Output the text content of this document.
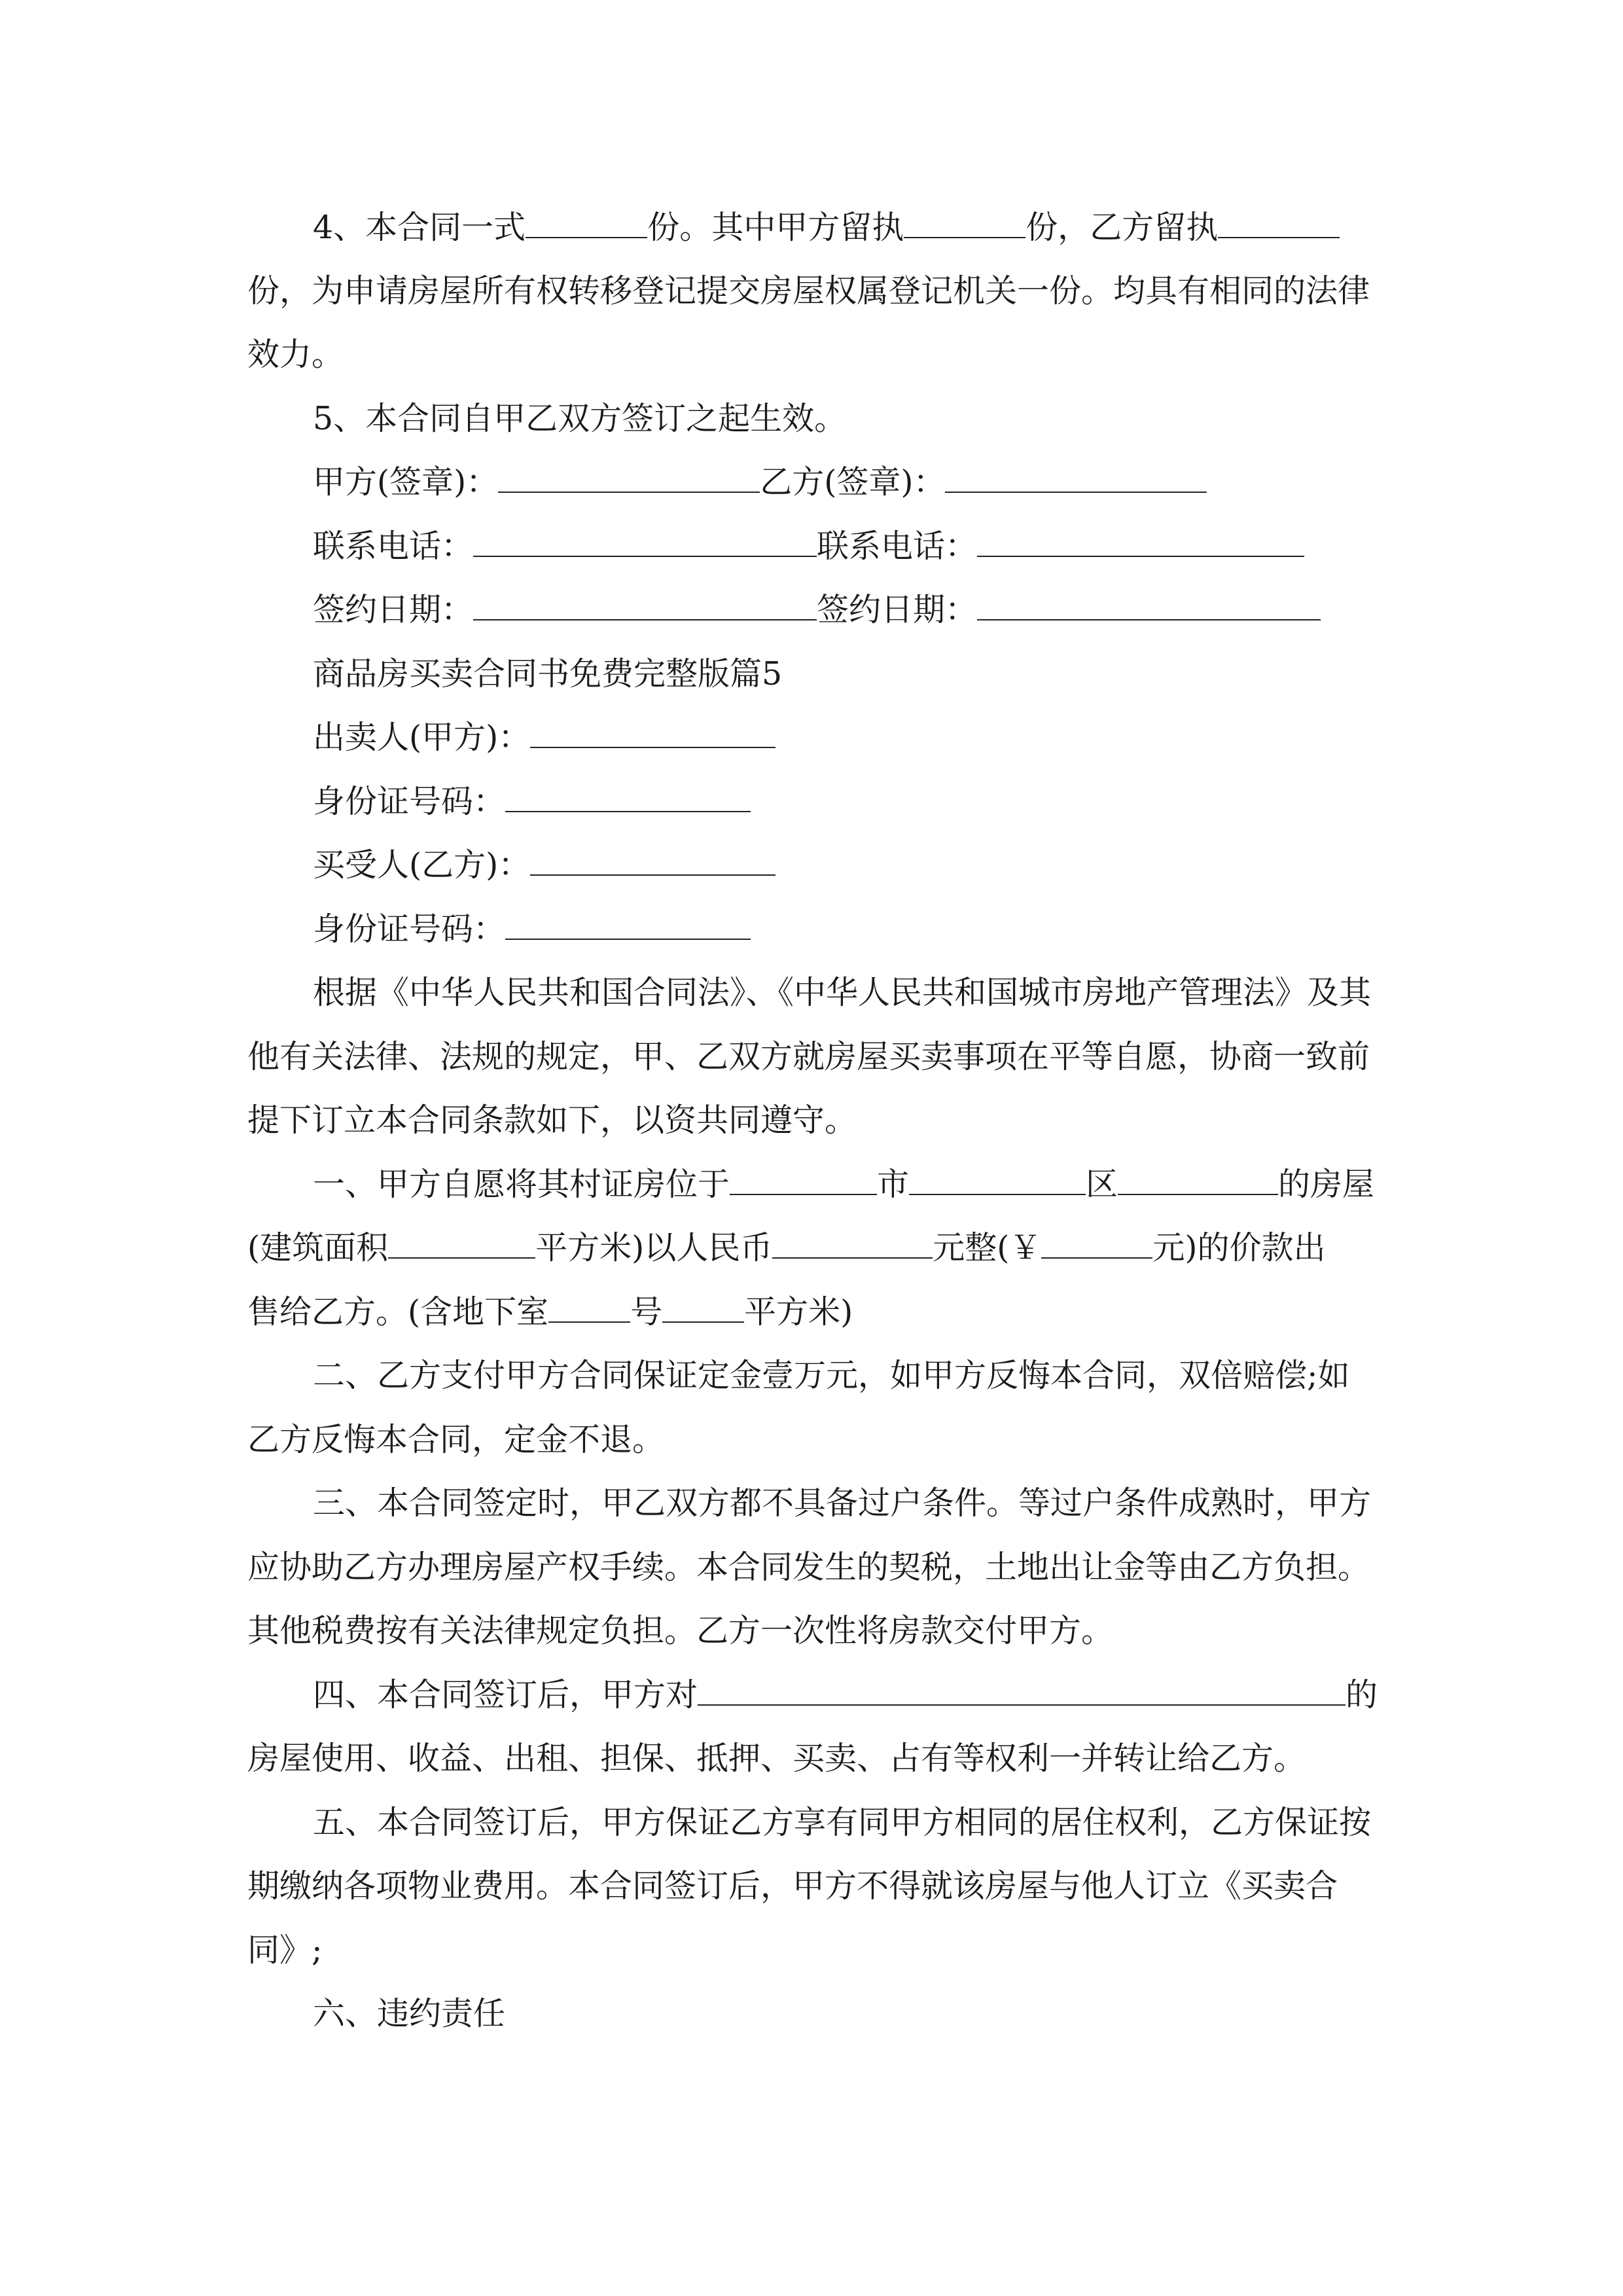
4、本合同一式	份。其中甲方留执	份，乙方留执
份，为申请房屋所有权转移登记提交房屋权属登记机关一份。均具有相同的法律
效力。
5、本合同自甲乙双方签订之起生效。
甲方(签章)：	乙方(签章)：
联系电话：	联系电话：
签约日期：	签约日期：
商品房买卖合同书免费完整版篇5
出卖人(甲方)：
身份证号码：
买受人(乙方)：
身份证号码：
根据《中华人民共和国合同法》、《中华人民共和国城市房地产管理法》及其
他有关法律、法规的规定，甲、乙双方就房屋买卖事项在平等自愿，协商一致前
提下订立本合同条款如下，以资共同遵守。
一、甲方自愿将其村证房位于	市	区	的房屋
(建筑面积	平方米)以人民币	元整(￥	元)的价款出
售给乙方。(含地下室	号	平方米)
二、乙方支付甲方合同保证定金壹万元，如甲方反悔本合同，双倍赔偿;如
乙方反悔本合同，定金不退。
三、本合同签定时，甲乙双方都不具备过户条件。等过户条件成熟时，甲方
应协助乙方办理房屋产权手续。本合同发生的契税，土地出让金等由乙方负担。
其他税费按有关法律规定负担。乙方一次性将房款交付甲方。
四、本合同签订后，甲方对	的
房屋使用、收益、出租、担保、抵押、买卖、占有等权利一并转让给乙方。
五、本合同签订后，甲方保证乙方享有同甲方相同的居住权利，乙方保证按
期缴纳各项物业费用。本合同签订后，甲方不得就该房屋与他人订立《买卖合
同》;
六、违约责任
